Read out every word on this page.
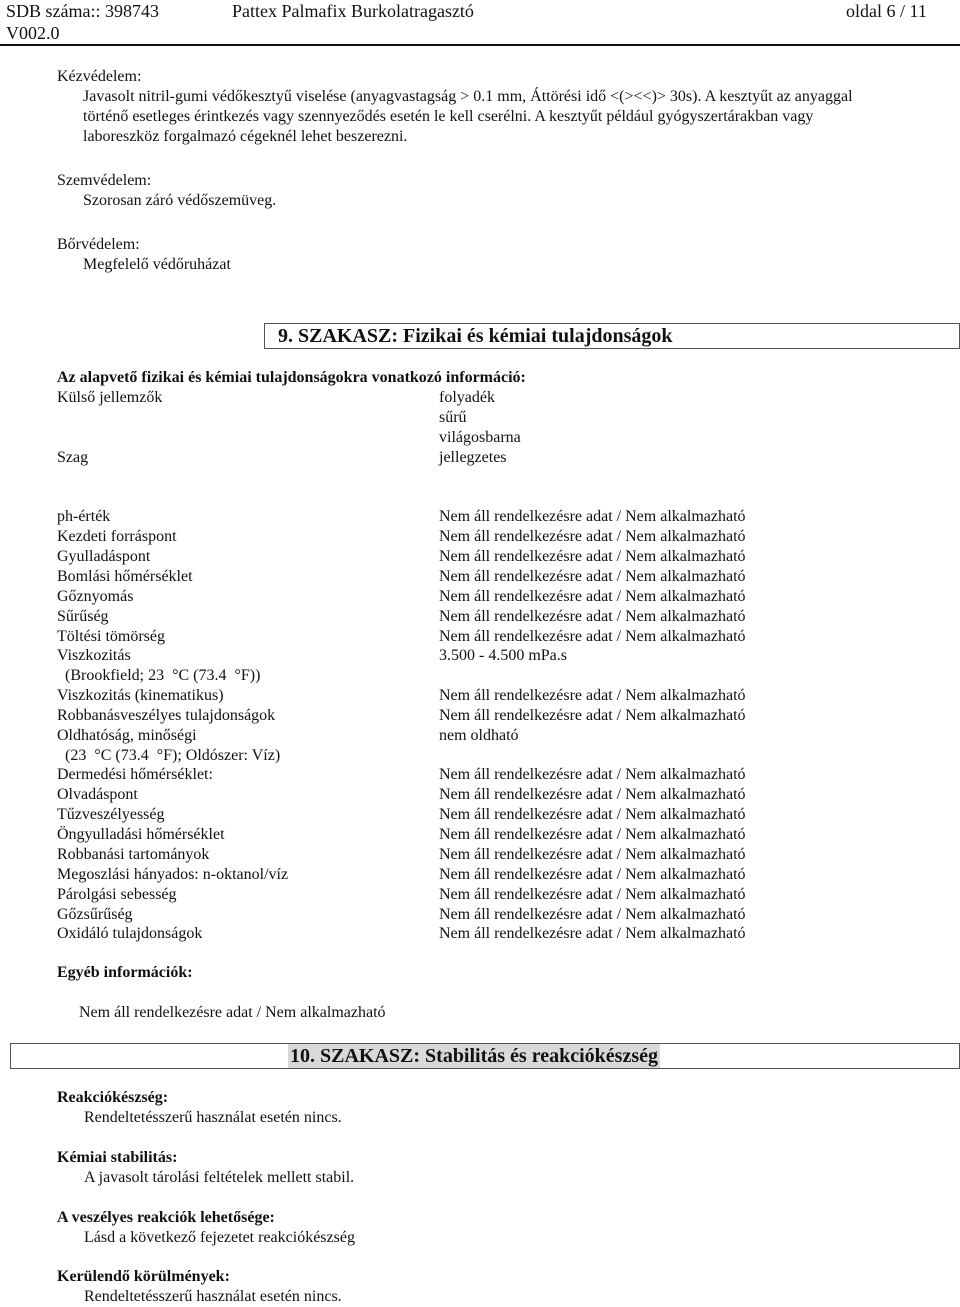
SDB száma:: 398743	Pattex Palmafix Burkolatragasztó	oldal 6 / 11
V002.0
Kézvédelem:
Javasolt nitril-gumi védőkesztyű viselése (anyagvastagság > 0.1 mm, Áttörési idő <(><<)> 30s). A kesztyűt az anyaggal
történő esetleges érintkezés vagy szennyeződés esetén le kell cserélni. A kesztyűt például gyógyszertárakban vagy
laboreszköz forgalmazó cégeknél lehet beszerezni.
Szemvédelem:
Szorosan záró védőszemüveg.
Bőrvédelem:
Megfelelő védőruházat
9. SZAKASZ: Fizikai és kémiai tulajdonságok
Az alapvető fizikai és kémiai tulajdonságokra vonatkozó információ:
Külső jellemzők	folyadék
sűrű
világosbarna
Szag	jellegzetes
ph-érték	Nem áll rendelkezésre adat / Nem alkalmazható
Kezdeti forráspont	Nem áll rendelkezésre adat / Nem alkalmazható
Gyulladáspont	Nem áll rendelkezésre adat / Nem alkalmazható
Bomlási hőmérséklet	Nem áll rendelkezésre adat / Nem alkalmazható
Gőznyomás	Nem áll rendelkezésre adat / Nem alkalmazható
Sűrűség	Nem áll rendelkezésre adat / Nem alkalmazható
Töltési tömörség	Nem áll rendelkezésre adat / Nem alkalmazható
Viszkozitás	3.500 - 4.500 mPa.s
(Brookfield; 23  °C (73.4  °F))
Viszkozitás (kinematikus)	Nem áll rendelkezésre adat / Nem alkalmazható
Robbanásveszélyes tulajdonságok	Nem áll rendelkezésre adat / Nem alkalmazható
Oldhatóság, minőségi	nem oldható
(23  °C (73.4  °F); Oldószer: Víz)
Dermedési hőmérséklet:	Nem áll rendelkezésre adat / Nem alkalmazható
Olvadáspont	Nem áll rendelkezésre adat / Nem alkalmazható
Tűzveszélyesség	Nem áll rendelkezésre adat / Nem alkalmazható
Öngyulladási hőmérséklet	Nem áll rendelkezésre adat / Nem alkalmazható
Robbanási tartományok	Nem áll rendelkezésre adat / Nem alkalmazható
Megoszlási hányados: n-oktanol/víz	Nem áll rendelkezésre adat / Nem alkalmazható
Párolgási sebesség	Nem áll rendelkezésre adat / Nem alkalmazható
Gőzsűrűség	Nem áll rendelkezésre adat / Nem alkalmazható
Oxidáló tulajdonságok	Nem áll rendelkezésre adat / Nem alkalmazható
Egyéb információk:
Nem áll rendelkezésre adat / Nem alkalmazható
10. SZAKASZ: Stabilitás és reakciókészség
Reakciókészség:
Rendeltetésszerű használat esetén nincs.
Kémiai stabilitás:
A javasolt tárolási feltételek mellett stabil.
A veszélyes reakciók lehetősége:
Lásd a következő fejezetet reakciókészség
Kerülendő körülmények:
Rendeltetésszerű használat esetén nincs.
